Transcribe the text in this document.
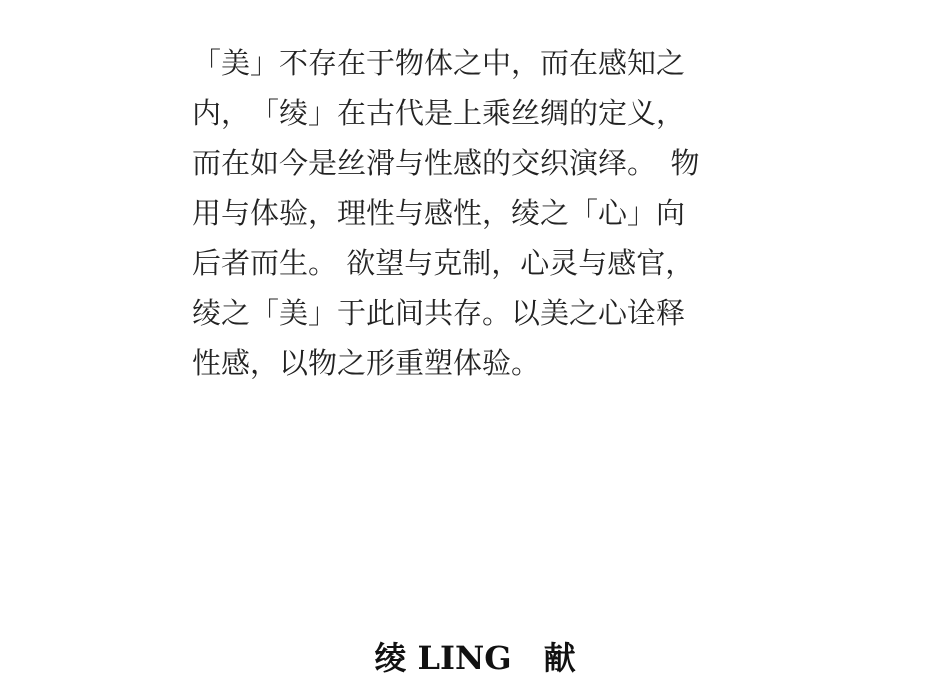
「美」不存在于物体之中，而在感知之
内，　「绫」在古代是上乘丝绸的定义，
而在如今是丝滑与性感的交织演绎。　物
用与体验，理性与感性，绫之「心」向
后者而生。 欲望与克制，心灵与感官，
绫之「美」于此间共存。以美之心诠释
性感，以物之形重塑体验。
绫 LING　献
